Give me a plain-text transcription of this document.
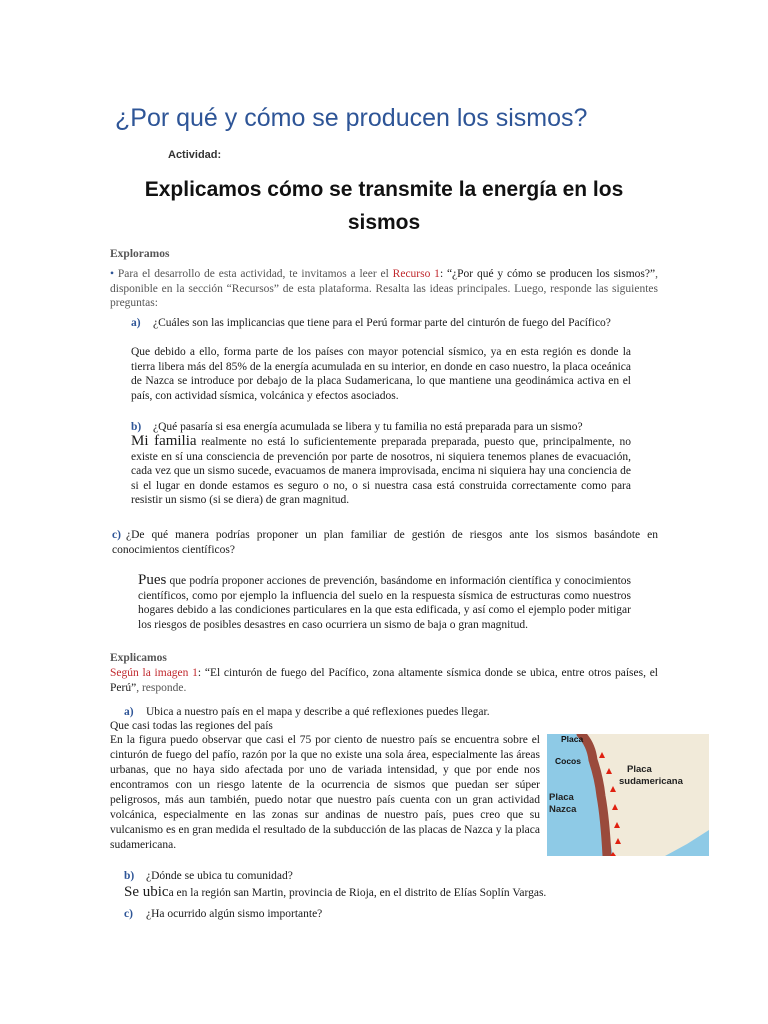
¿Por qué y cómo se producen los sismos?
Actividad:
Explicamos cómo se transmite la energía en los sismos
Exploramos
• Para el desarrollo de esta actividad, te invitamos a leer el Recurso 1: “¿Por qué y cómo se producen los sismos?”, disponible en la sección “Recursos” de esta plataforma. Resalta las ideas principales. Luego, responde las siguientes preguntas:
a) ¿Cuáles son las implicancias que tiene para el Perú formar parte del cinturón de fuego del Pacífico?
Que debido a ello, forma parte de los países con mayor potencial sísmico, ya en esta región es donde la tierra libera más del 85% de la energía acumulada en su interior, en donde en caso nuestro, la placa oceánica de Nazca se introduce por debajo de la placa Sudamericana, lo que mantiene una geodinámica activa en el país, con actividad sísmica, volcánica y efectos asociados.
b) ¿Qué pasaría si esa energía acumulada se libera y tu familia no está preparada para un sismo?
Mi familia realmente no está lo suficientemente preparada preparada, puesto que, principalmente, no existe en sí una consciencia de prevención por parte de nosotros, ni siquiera tenemos planes de evacuación, cada vez que un sismo sucede, evacuamos de manera improvisada, encima ni siquiera hay una conciencia de si el lugar en donde estamos es seguro o no, o si nuestra casa está construida correctamente como para resistir un sismo (si se diera) de gran magnitud.
c) ¿De qué manera podrías proponer un plan familiar de gestión de riesgos ante los sismos basándote en conocimientos científicos?
Pues que podría proponer acciones de prevención, basándome en información científica y conocimientos científicos, como por ejemplo la influencia del suelo en la respuesta sísmica de estructuras como nuestros hogares debido a las condiciones particulares en la que esta edificada, y así como el ejemplo poder mitigar los riesgos de posibles desastres en caso ocurriera un sismo de baja o gran magnitud.
Explicamos
Según la imagen 1: “El cinturón de fuego del Pacífico, zona altamente sísmica donde se ubica, entre otros países, el Perú”, responde.
a) Ubica a nuestro país en el mapa y describe a qué reflexiones puedes llegar.
Que casi todas las regiones del país
En la figura puedo observar que casi el 75 por ciento de nuestro país se encuentra sobre el cinturón de fuego del pafío, razón por la que no existe una sola área, especialmente las áreas urbanas, que no haya sido afectada por uno de variada intensidad, y que por ende nos encontramos con un riesgo latente de la ocurrencia de sismos que puedan ser súper peligrosos, más aun también, puedo notar que nuestro país cuenta con un gran actividad volcánica, especialmente en las zonas sur andinas de nuestro país, pues creo que su vulcanismo es en gran medida el resultado de la subducción de las placas de Nazca y la placa sudamericana.
Placa
Cocos
Placa
sudamericana
Placa
Nazca
b) ¿Dónde se ubica tu comunidad?
Se ubica en la región san Martin, provincia de Rioja, en el distrito de Elías Soplín Vargas.
c) ¿Ha ocurrido algún sismo importante?
